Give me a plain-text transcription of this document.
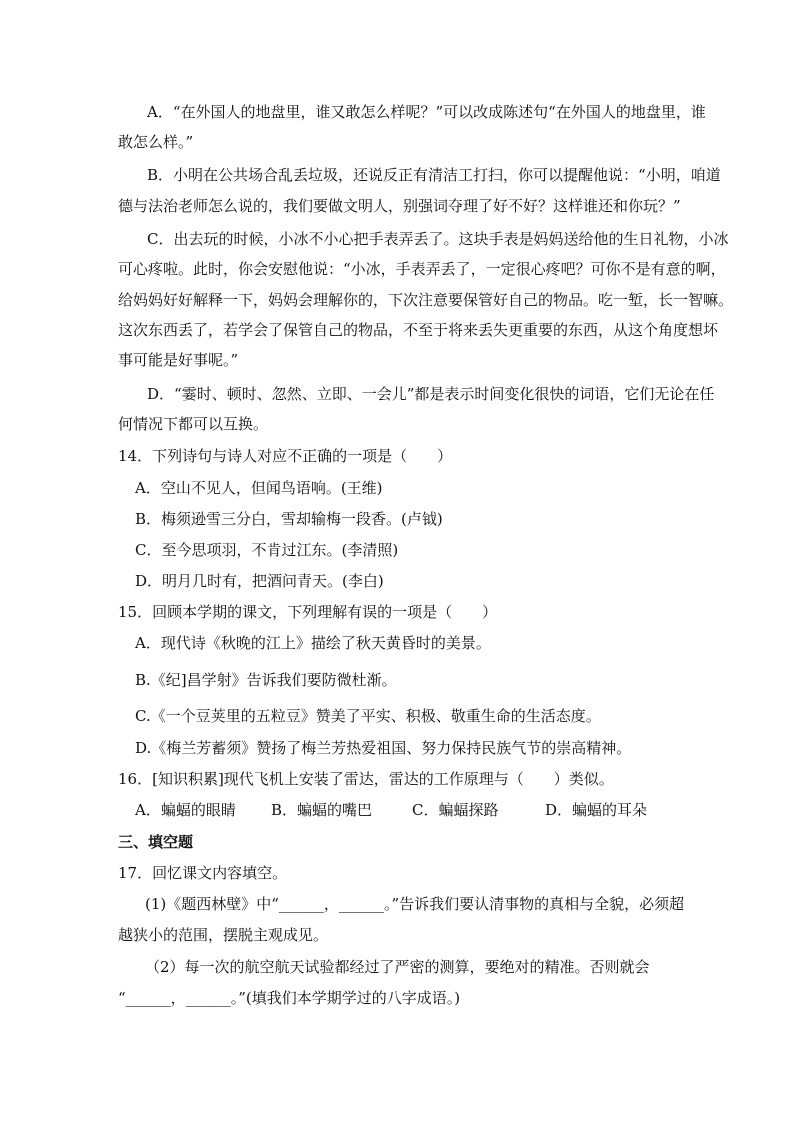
A．“在外国人的地盘里，谁又敢怎么样呢？”可以改成陈述句“在外国人的地盘里，谁
敢怎么样。”
B．小明在公共场合乱丢垃圾，还说反正有清洁工打扫，你可以提醒他说：“小明，咱道
德与法治老师怎么说的，我们要做文明人，别强词夺理了好不好？这样谁还和你玩？”
C．出去玩的时候，小冰不小心把手表弄丢了。这块手表是妈妈送给他的生日礼物，小冰
可心疼啦。此时，你会安慰他说：“小冰，手表弄丢了，一定很心疼吧？可你不是有意的啊，
给妈妈好好解释一下，妈妈会理解你的，下次注意要保管好自己的物品。吃一堑，长一智嘛。
这次东西丢了，若学会了保管自己的物品，不至于将来丢失更重要的东西，从这个角度想坏
事可能是好事呢。”
D．“霎时、顿时、忽然、立即、一会儿”都是表示时间变化很快的词语，它们无论在任
何情况下都可以互换。
14．下列诗句与诗人对应不正确的一项是（　　）
A．空山不见人，但闻鸟语响。(王维)
B．梅须逊雪三分白，雪却输梅一段香。(卢钺)
C．至今思项羽，不肯过江东。(李清照)
D．明月几时有，把酒问青天。(李白)
15．回顾本学期的课文，下列理解有误的一项是（　　）
A．现代诗《秋晚的江上》描绘了秋天黄昏时的美景。
B.《纪]昌学射》告诉我们要防微杜渐。
C.《一个豆荚里的五粒豆》赞美了平实、积极、敬重生命的生活态度。
D.《梅兰芳蓄须》赞扬了梅兰芳热爱祖国、努力保持民族气节的崇高精神。
16．[知识积累]现代飞机上安装了雷达，雷达的工作原理与（　　）类似。
A．蝙蝠的眼睛 B．蝙蝠的嘴巴	C．蝙蝠探路	D．蝙蝠的耳朵
三、填空题
17．回忆课文内容填空。
(1)《题西林壁》中“______，______。”告诉我们要认清事物的真相与全貌，必须超
越狭小的范围，摆脱主观成见。
（2）每一次的航空航天试验都经过了严密的测算，要绝对的精准。否则就会
“______，______。”(填我们本学期学过的八字成语。)
